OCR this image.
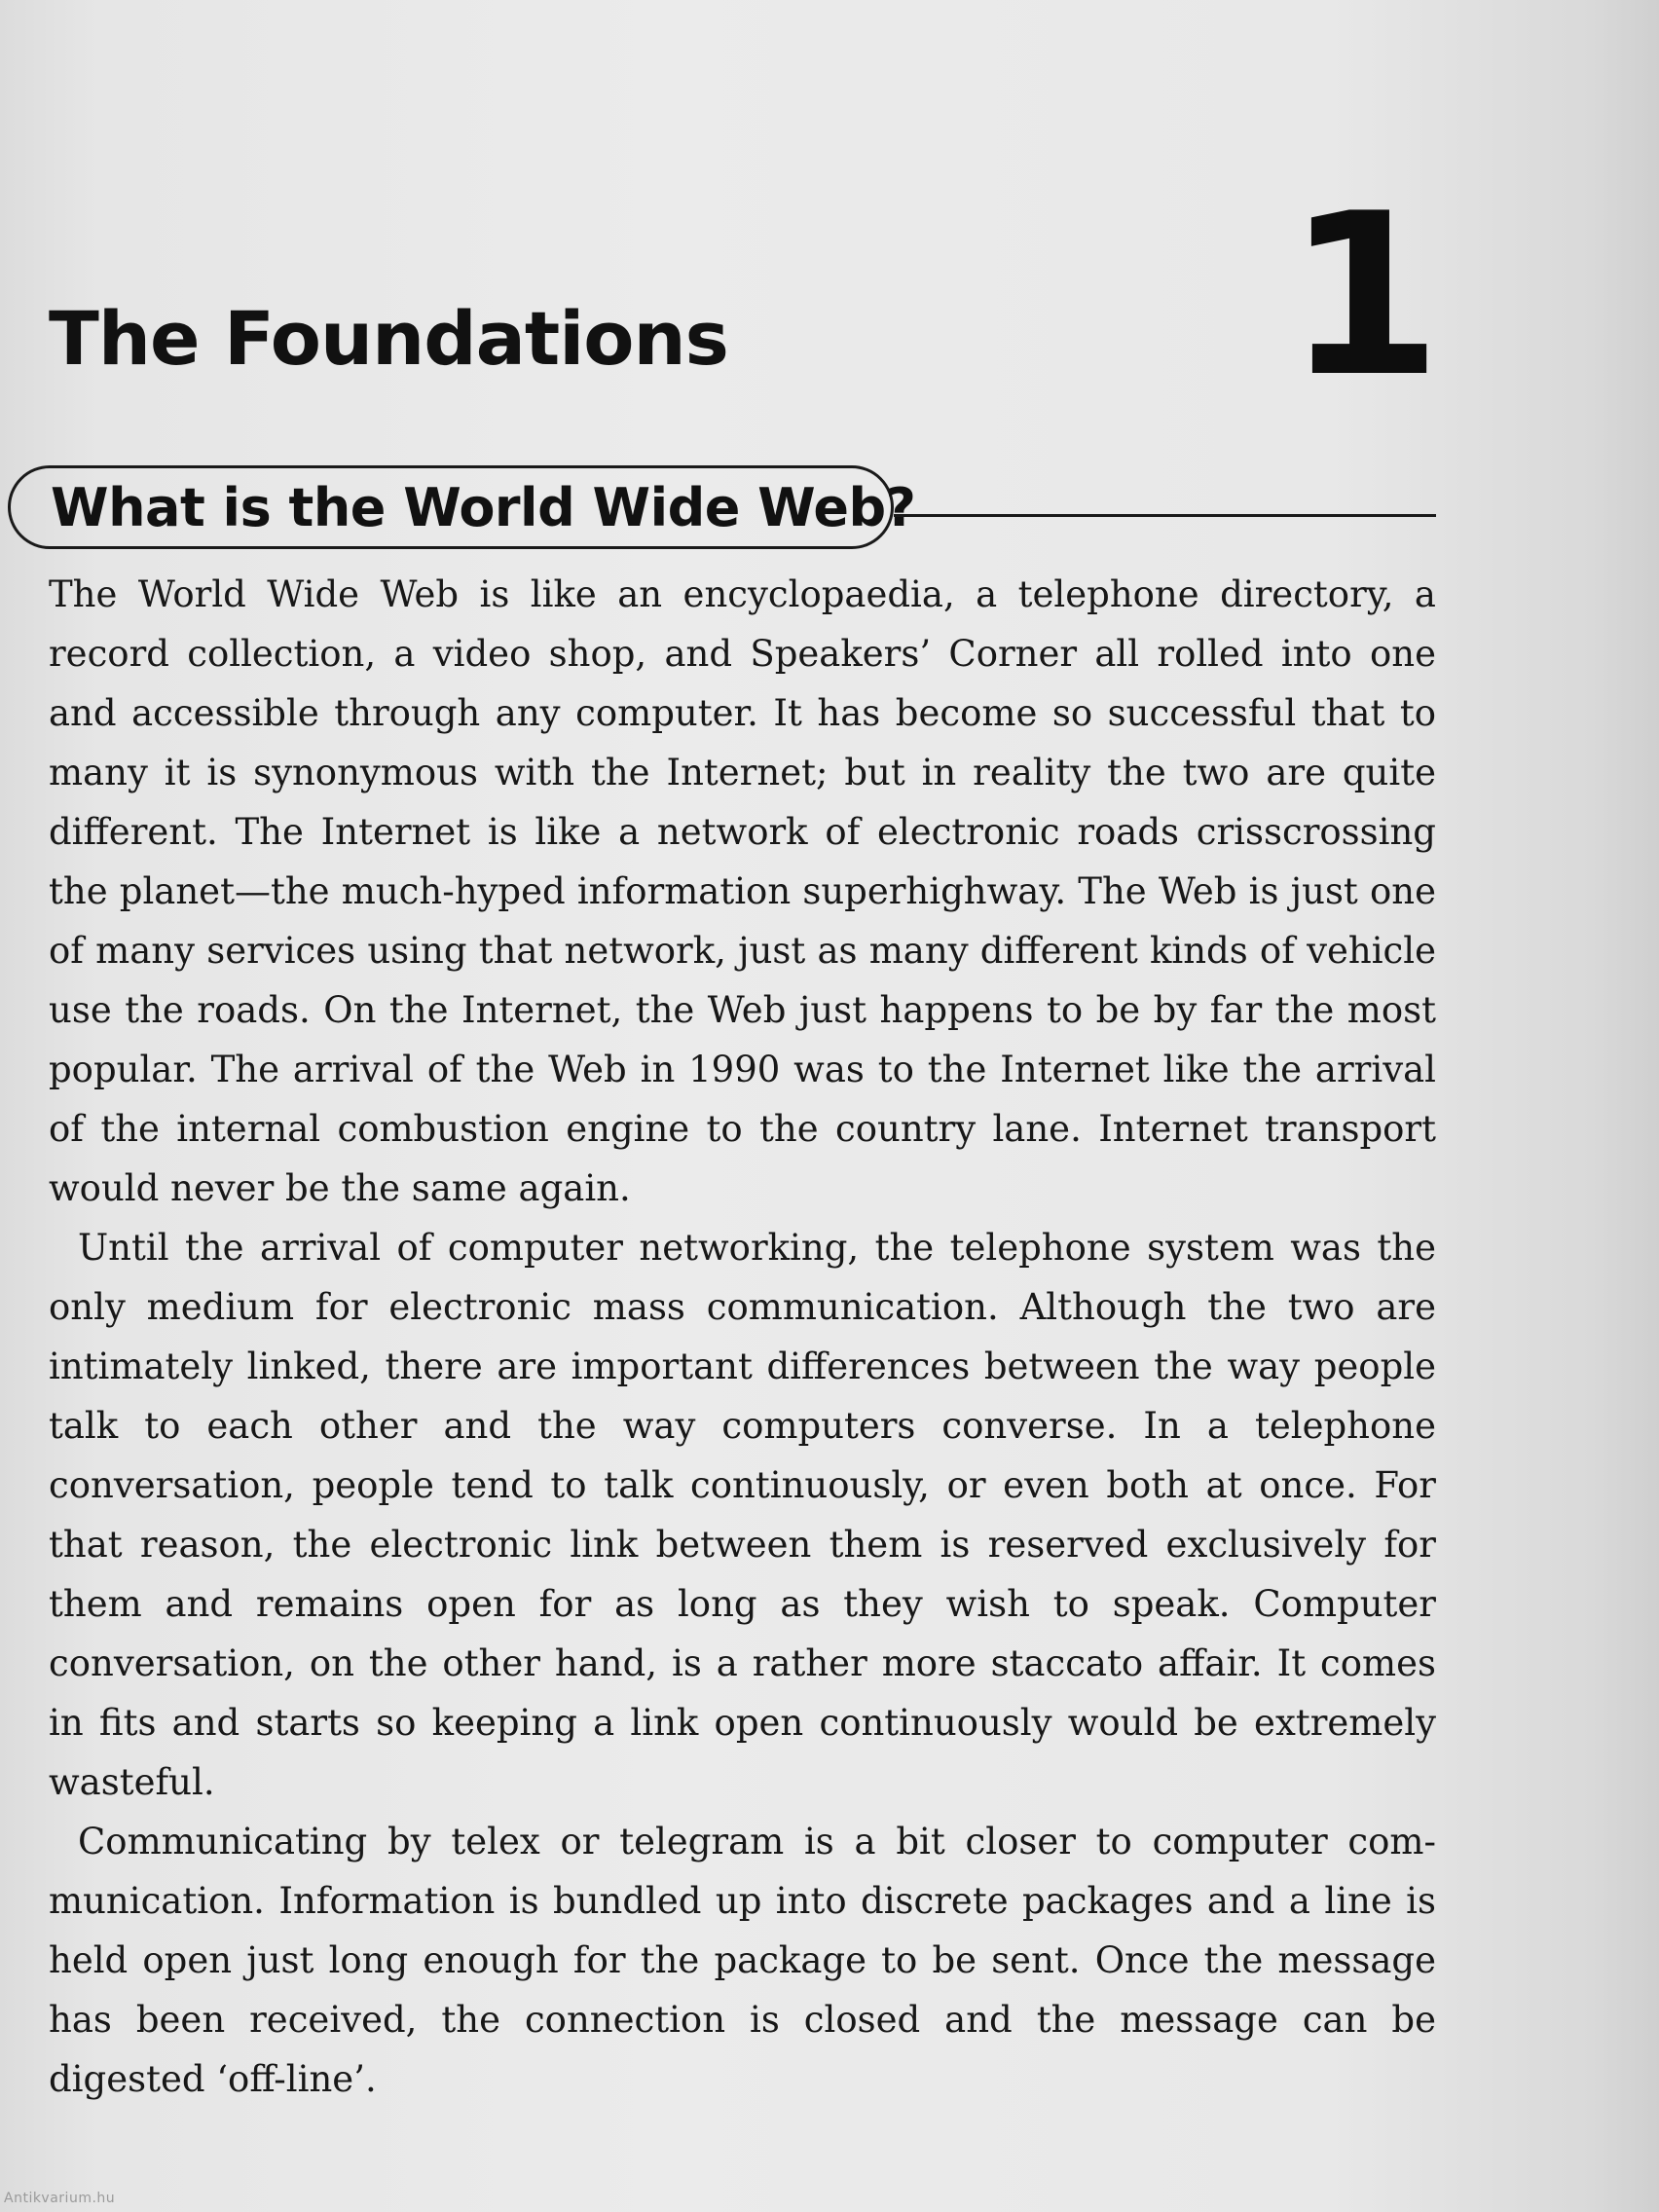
The Foundations 1
What is the World Wide Web?

The World Wide Web is like an encyclopaedia, a telephone directory, a record collection, a video shop, and Speakers’ Corner all rolled into one and accessible through any computer. It has become so successful that to many it is synonymous with the Internet; but in reality the two are quite different. The Internet is like a network of electronic roads crisscrossing the planet—the much-hyped information superhighway. The Web is just one of many services using that network, just as many different kinds of vehicle use the roads. On the Internet, the Web just happens to be by far the most popular. The arrival of the Web in 1990 was to the Internet like the arrival of the internal combustion engine to the country lane. Internet transport would never be the same again.

Until the arrival of computer networking, the telephone system was the only medium for electronic mass communication. Although the two are intimately linked, there are important differences between the way people talk to each other and the way computers converse. In a telephone conversation, people tend to talk continuously, or even both at once. For that reason, the electronic link between them is reserved exclusively for them and remains open for as long as they wish to speak. Computer conversation, on the other hand, is a rather more staccato affair. It comes in fits and starts so keeping a link open continuously would be extremely wasteful.

Communicating by telex or telegram is a bit closer to computer communication. Information is bundled up into discrete packages and a line is held open just long enough for the package to be sent. Once the message has been received, the connection is closed and the message can be digested ‘off-line’.

Antikvarium.hu
